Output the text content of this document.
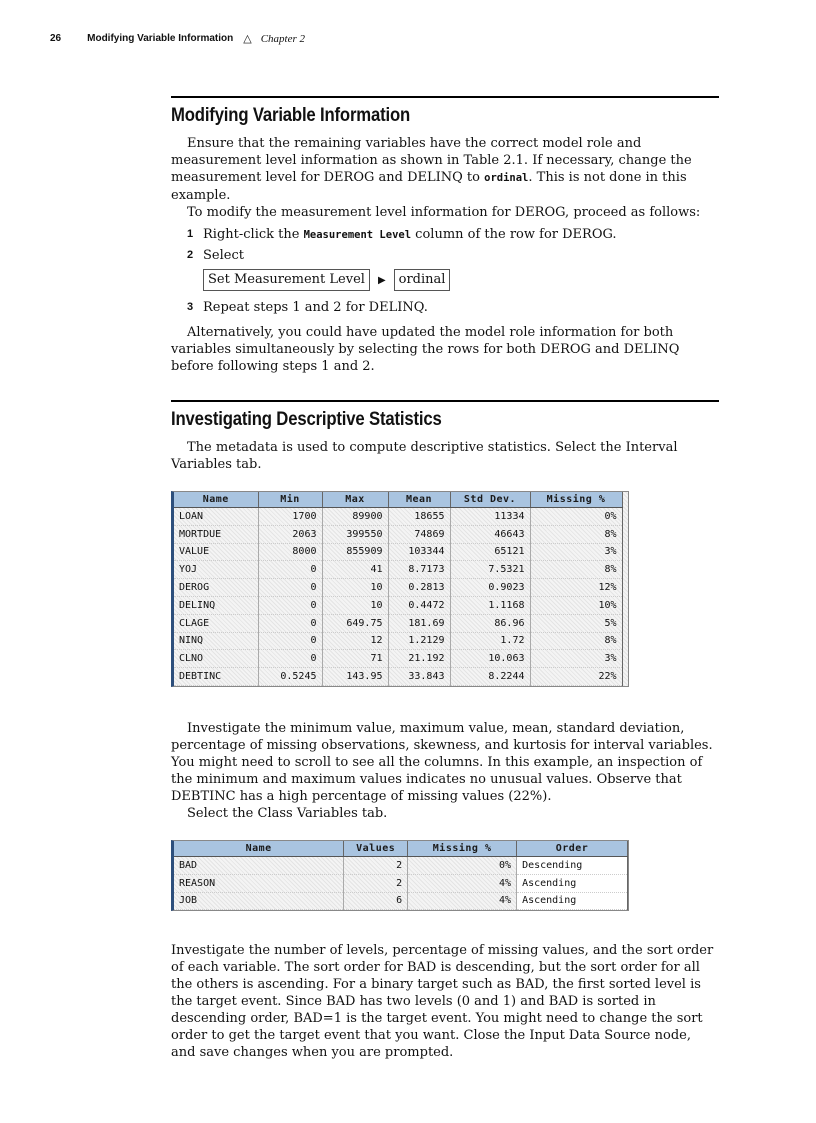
26	Modifying Variable Information △ Chapter 2
Modifying Variable Information

Ensure that the remaining variables have the correct model role and measurement level information as shown in Table 2.1. If necessary, change the measurement level for DEROG and DELINQ to ordinal. This is not done in this example.

To modify the measurement level information for DEROG, proceed as follows:

1 Right-click the Measurement Level column of the row for DEROG.
2 Select
Set Measurement Level	▶	ordinal
3 Repeat steps 1 and 2 for DELINQ.

Alternatively, you could have updated the model role information for both variables simultaneously by selecting the rows for both DEROG and DELINQ before following steps 1 and 2.

Investigating Descriptive Statistics

The metadata is used to compute descriptive statistics. Select the Interval Variables tab.

Name	Min	Max	Mean	Std Dev.	Missing %
LOAN	1700	89900	18655	11334	0%
MORTDUE	2063	399550	74869	46643	8%
VALUE	8000	855909	103344	65121	3%
YOJ	0	41	8.7173	7.5321	8%
DEROG	0	10	0.2813	0.9023	12%
DELINQ	0	10	0.4472	1.1168	10%
CLAGE	0	649.75	181.69	86.96	5%
NINQ	0	12	1.2129	1.72	8%
CLNO	0	71	21.192	10.063	3%
DEBTINC	0.5245	143.95	33.843	8.2244	22%

Investigate the minimum value, maximum value, mean, standard deviation, percentage of missing observations, skewness, and kurtosis for interval variables. You might need to scroll to see all the columns. In this example, an inspection of the minimum and maximum values indicates no unusual values. Observe that DEBTINC has a high percentage of missing values (22%).

Select the Class Variables tab.

Name	Values	Missing %	Order
BAD	2	0%	Descending
REASON	2	4%	Ascending
JOB	6	4%	Ascending

Investigate the number of levels, percentage of missing values, and the sort order of each variable. The sort order for BAD is descending, but the sort order for all the others is ascending. For a binary target such as BAD, the first sorted level is the target event. Since BAD has two levels (0 and 1) and BAD is sorted in descending order, BAD=1 is the target event. You might need to change the sort order to get the target event that you want. Close the Input Data Source node, and save changes when you are prompted.
